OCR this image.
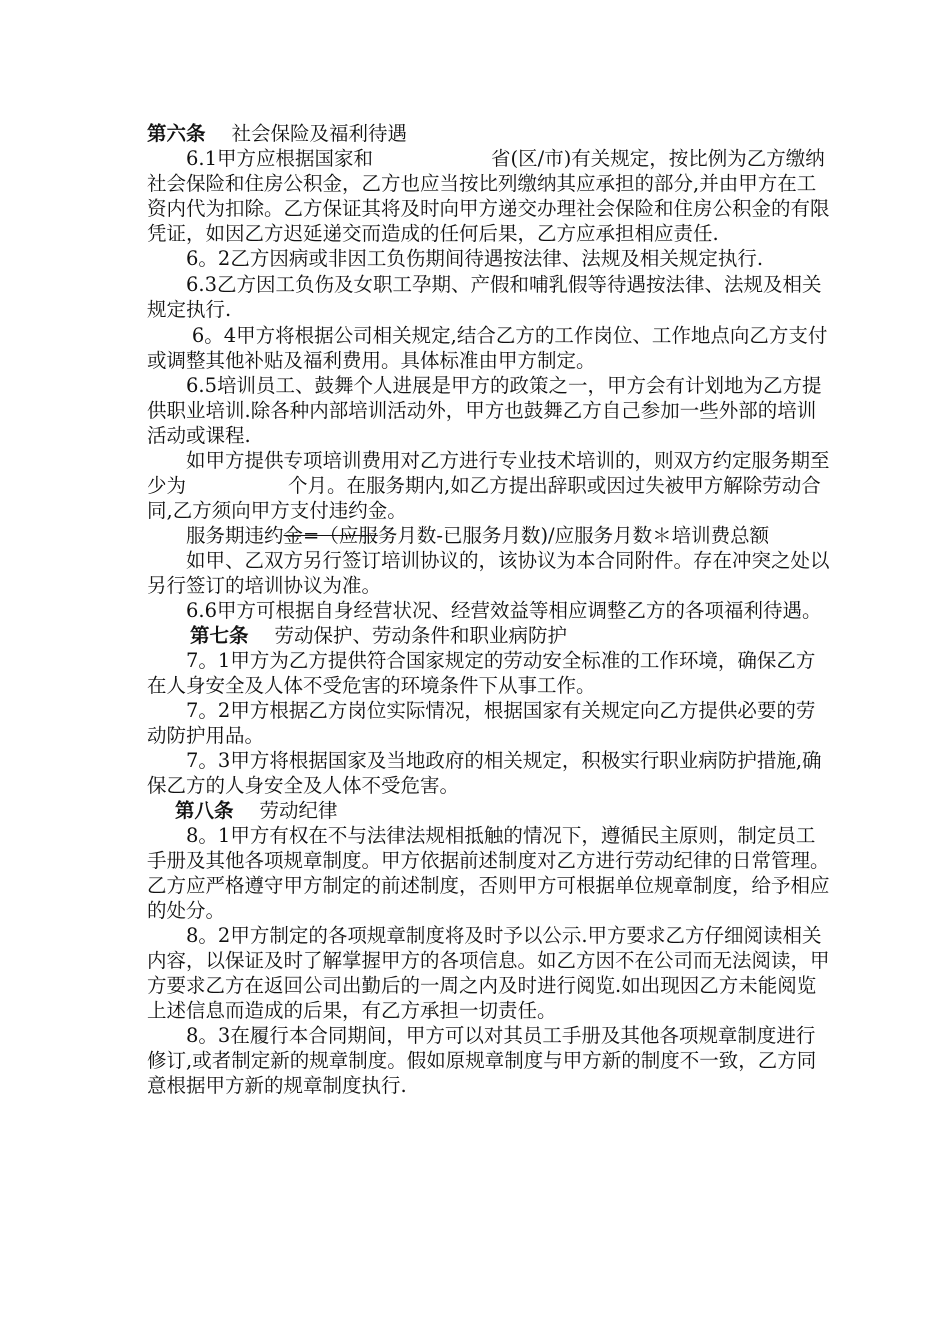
第六条 社会保险及福利待遇

6.1甲方应根据国家和	省(区/市)有关规定，按比例为乙方缴纳社会保险和住房公积金，乙方也应当按比列缴纳其应承担的部分,并由甲方在工资内代为扣除。乙方保证其将及时向甲方递交办理社会保险和住房公积金的有限凭证，如因乙方迟延递交而造成的任何后果，乙方应承担相应责任.

6。2乙方因病或非因工负伤期间待遇按法律、法规及相关规定执行.

6.3乙方因工负伤及女职工孕期、产假和哺乳假等待遇按法律、法规及相关规定执行.

6。4甲方将根据公司相关规定,结合乙方的工作岗位、工作地点向乙方支付或调整其他补贴及福利费用。具体标准由甲方制定。

6.5培训员工、鼓舞个人进展是甲方的政策之一，甲方会有计划地为乙方提供职业培训.除各种内部培训活动外，甲方也鼓舞乙方自己参加一些外部的培训活动或课程.

如甲方提供专项培训费用对乙方进行专业技术培训的，则双方约定服务期至少为	个月。在服务期内,如乙方提出辞职或因过失被甲方解除劳动合同,乙方须向甲方支付违约金。

服务期违约金=（应服务月数-已服务月数)/应服务月数＊培训费总额

如甲、乙双方另行签订培训协议的，该协议为本合同附件。存在冲突之处以另行签订的培训协议为准。

6.6甲方可根据自身经营状况、经营效益等相应调整乙方的各项福利待遇。

第七条 劳动保护、劳动条件和职业病防护

7。1甲方为乙方提供符合国家规定的劳动安全标准的工作环境，确保乙方在人身安全及人体不受危害的环境条件下从事工作。

7。2甲方根据乙方岗位实际情况，根据国家有关规定向乙方提供必要的劳动防护用品。

7。3甲方将根据国家及当地政府的相关规定，积极实行职业病防护措施,确保乙方的人身安全及人体不受危害。

第八条 劳动纪律

8。1甲方有权在不与法律法规相抵触的情况下，遵循民主原则，制定员工手册及其他各项规章制度。甲方依据前述制度对乙方进行劳动纪律的日常管理。乙方应严格遵守甲方制定的前述制度，否则甲方可根据单位规章制度，给予相应的处分。

8。2甲方制定的各项规章制度将及时予以公示.甲方要求乙方仔细阅读相关内容，以保证及时了解掌握甲方的各项信息。如乙方因不在公司而无法阅读，甲方要求乙方在返回公司出勤后的一周之内及时进行阅览.如出现因乙方未能阅览上述信息而造成的后果，有乙方承担一切责任。

8。3在履行本合同期间，甲方可以对其员工手册及其他各项规章制度进行修订,或者制定新的规章制度。假如原规章制度与甲方新的制度不一致，乙方同意根据甲方新的规章制度执行.
